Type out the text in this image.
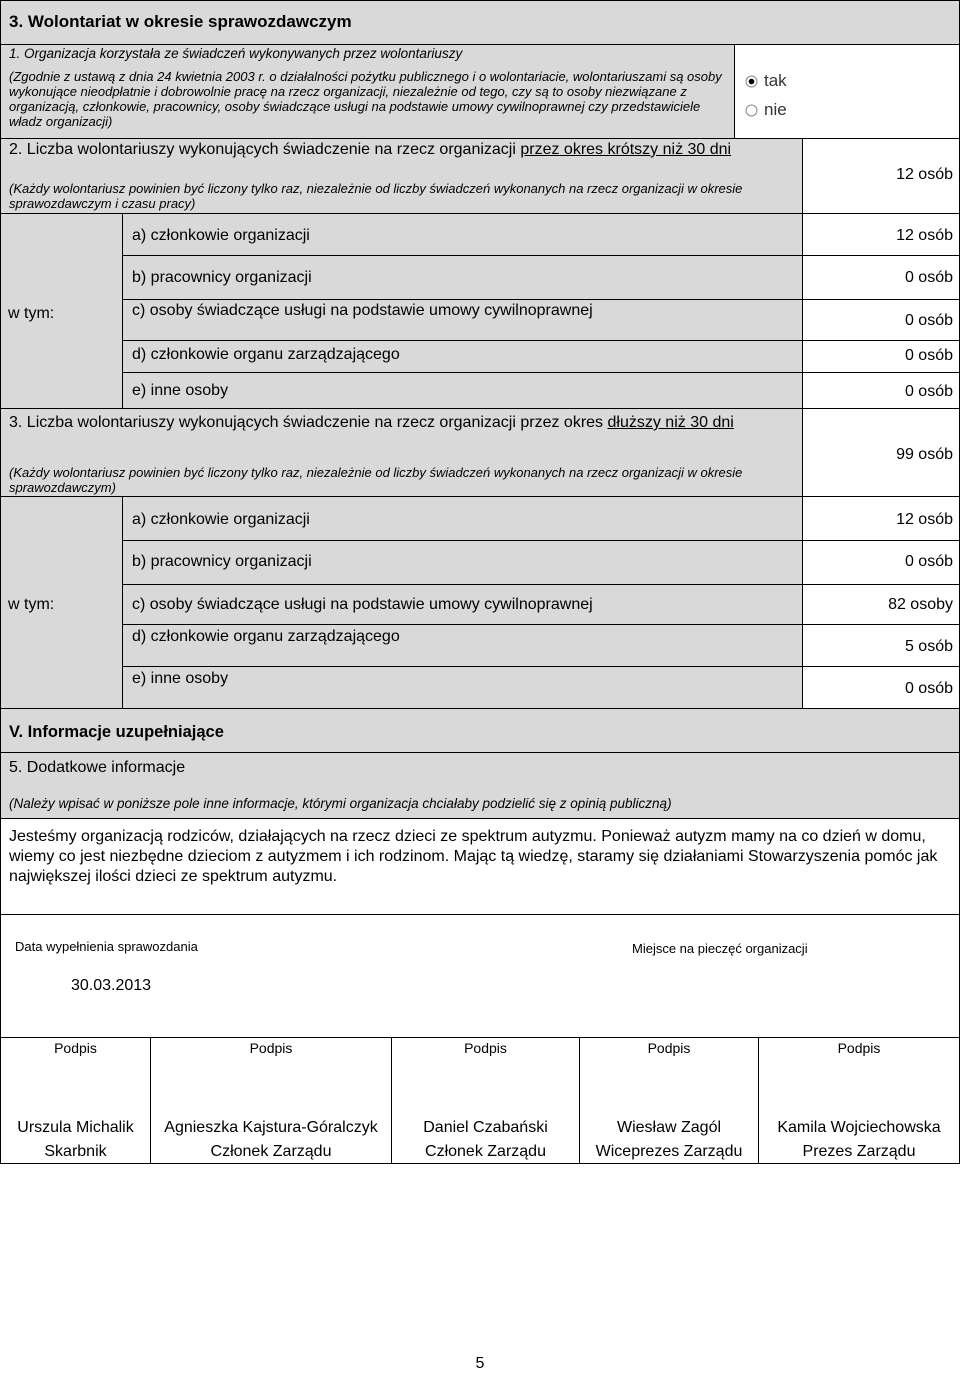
3. Wolontariat w okresie sprawozdawczym
1. Organizacja korzystała ze świadczeń wykonywanych przez wolontariuszy
(Zgodnie z ustawą z dnia 24 kwietnia 2003 r. o działalności pożytku publicznego i o wolontariacie, wolontariuszami są osoby wykonujące nieodpłatnie i dobrowolnie pracę na rzecz organizacji, niezależnie od tego, czy są to osoby niezwiązane z organizacją, członkowie, pracownicy, osoby świadczące usługi na podstawie umowy cywilnoprawnej czy przedstawiciele władz organizacji)
tak
nie
2. Liczba wolontariuszy wykonujących świadczenie na rzecz organizacji przez okres krótszy niż 30 dni
(Każdy wolontariusz powinien być liczony tylko raz, niezależnie od liczby świadczeń wykonanych na rzecz organizacji w okresie sprawozdawczym i czasu pracy)
12 osób
w tym:
a) członkowie organizacji
b) pracownicy organizacji
c) osoby świadczące usługi na podstawie umowy cywilnoprawnej
d) członkowie organu zarządzającego
e) inne osoby
12 osób
0 osób
0 osób
0 osób
0 osób
3. Liczba wolontariuszy wykonujących świadczenie na rzecz organizacji przez okres dłuższy niż 30 dni
(Każdy wolontariusz powinien być liczony tylko raz, niezależnie od liczby świadczeń wykonanych na rzecz organizacji w okresie sprawozdawczym)
99 osób
w tym:
a) członkowie organizacji
b) pracownicy organizacji
c) osoby świadczące usługi na podstawie umowy cywilnoprawnej
d) członkowie organu zarządzającego
e) inne osoby
12 osób
0 osób
82 osoby
5 osób
0 osób
V. Informacje uzupełniające
5. Dodatkowe informacje
(Należy wpisać w poniższe pole inne informacje, którymi organizacja chciałaby podzielić się z opinią publiczną)
Jesteśmy organizacją rodziców, działających na rzecz dzieci ze spektrum autyzmu. Ponieważ autyzm mamy na co dzień w domu, wiemy co jest niezbędne dzieciom z autyzmem i ich rodzinom. Mając tą wiedzę, staramy się działaniami Stowarzyszenia pomóc jak największej ilości dzieci ze spektrum autyzmu.
Data wypełnienia sprawozdania
30.03.2013
Miejsce na pieczęć organizacji
Podpis
Urszula Michalik
Skarbnik
Podpis
Agnieszka Kajstura-Góralczyk
Członek Zarządu
Podpis
Daniel Czabański
Członek Zarządu
Podpis
Wiesław Zagól
Wiceprezes Zarządu
Podpis
Kamila Wojciechowska
Prezes Zarządu
5
